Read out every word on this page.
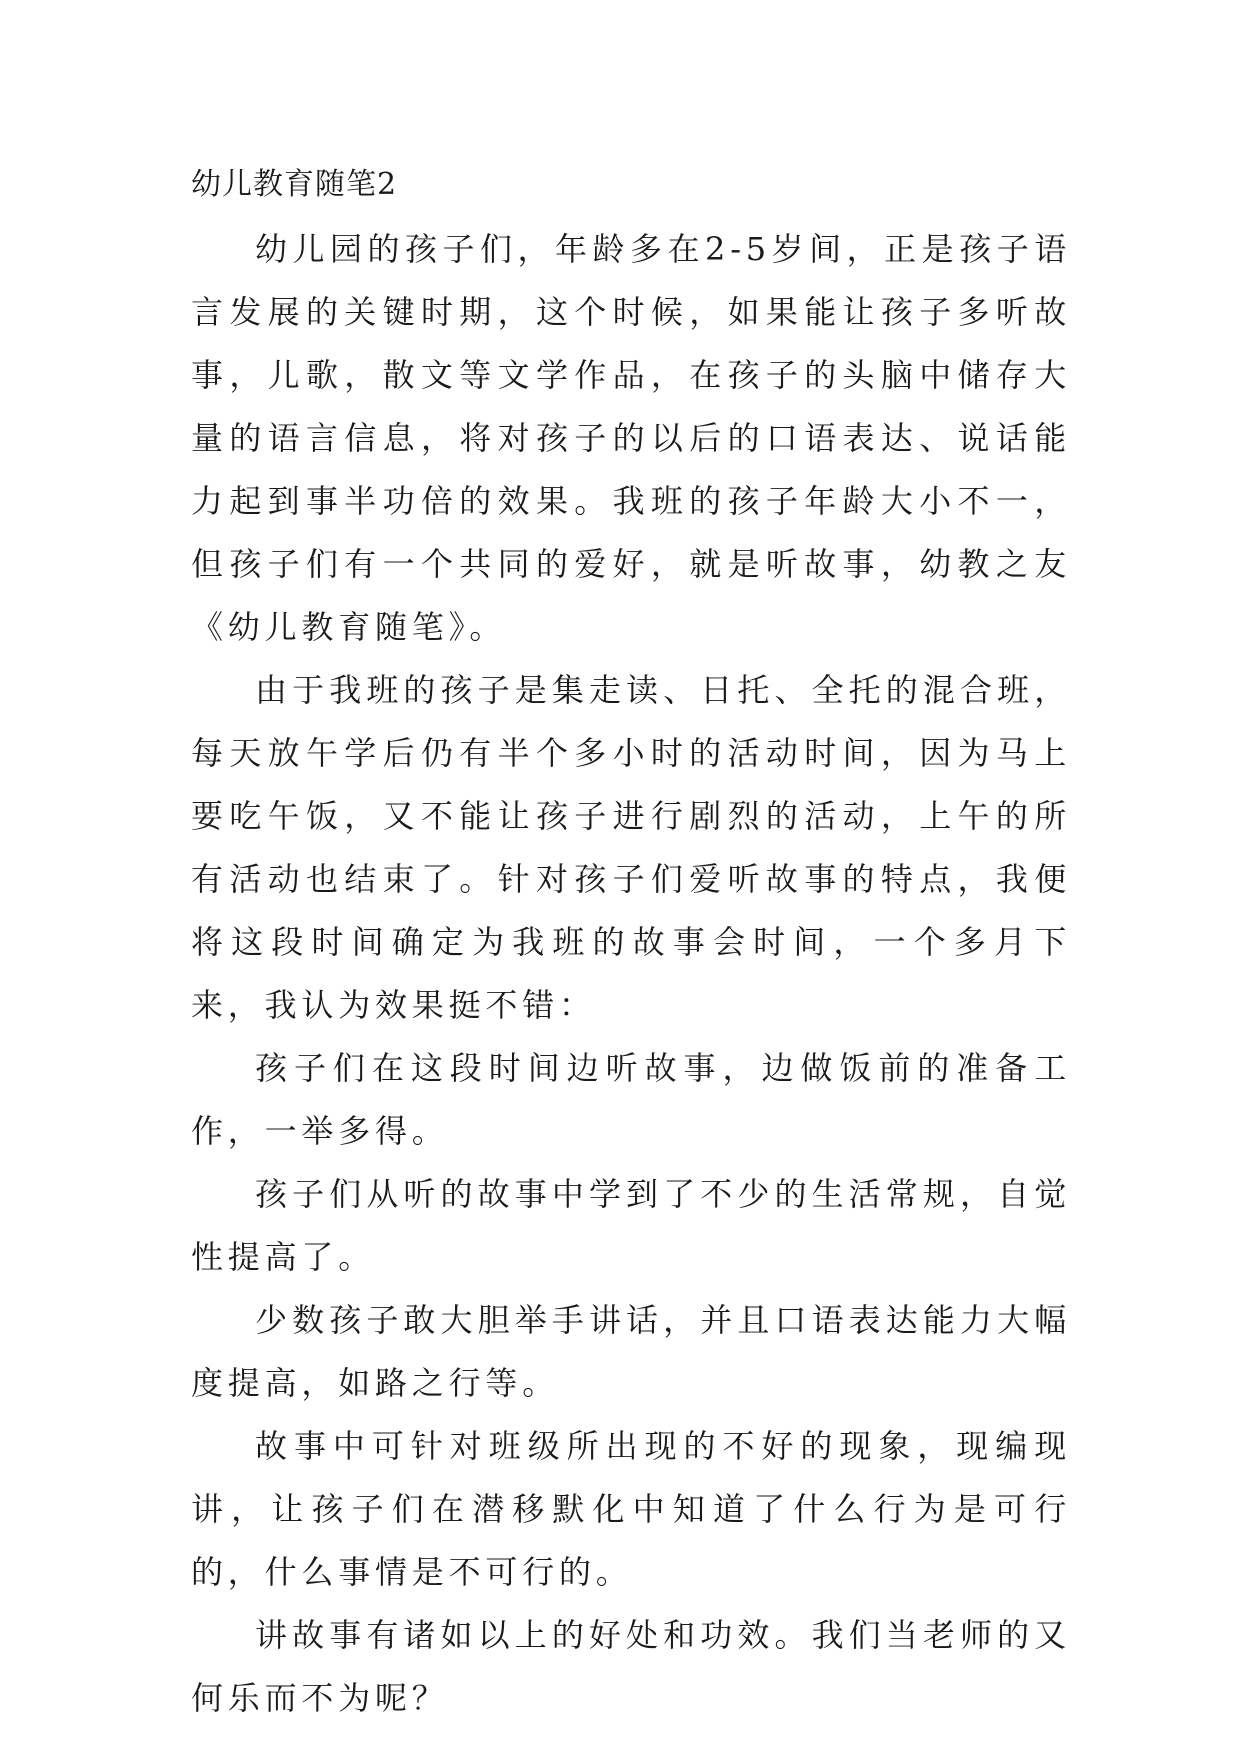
幼儿教育随笔2

幼儿园的孩子们，年龄多在2-5岁间，正是孩子语言发展的关键时期，这个时候，如果能让孩子多听故事，儿歌，散文等文学作品，在孩子的头脑中储存大量的语言信息，将对孩子的以后的口语表达、说话能力起到事半功倍的效果。我班的孩子年龄大小不一，但孩子们有一个共同的爱好，就是听故事，幼教之友《幼儿教育随笔》。

由于我班的孩子是集走读、日托、全托的混合班，每天放午学后仍有半个多小时的活动时间，因为马上要吃午饭，又不能让孩子进行剧烈的活动，上午的所有活动也结束了。针对孩子们爱听故事的特点，我便将这段时间确定为我班的故事会时间，一个多月下来，我认为效果挺不错：

孩子们在这段时间边听故事，边做饭前的准备工作，一举多得。

孩子们从听的故事中学到了不少的生活常规，自觉性提高了。

少数孩子敢大胆举手讲话，并且口语表达能力大幅度提高，如路之行等。

故事中可针对班级所出现的不好的现象，现编现讲，让孩子们在潜移默化中知道了什么行为是可行的，什么事情是不可行的。

讲故事有诸如以上的好处和功效。我们当老师的又何乐而不为呢？
